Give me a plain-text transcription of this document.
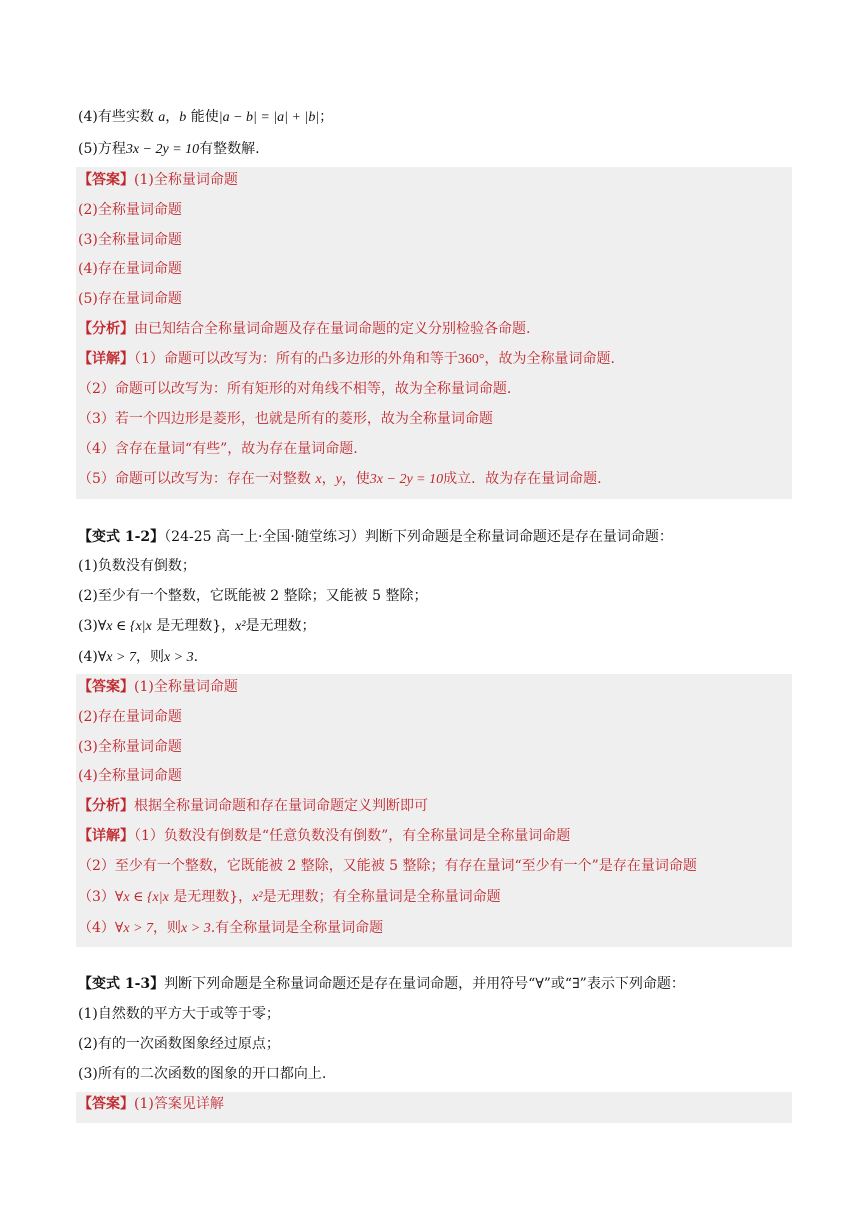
(4)有些实数 a，b 能使|a − b| = |a| + |b|；
(5)方程3x − 2y = 10有整数解.
【答案】(1)全称量词命题
(2)全称量词命题
(3)全称量词命题
(4)存在量词命题
(5)存在量词命题
【分析】由已知结合全称量词命题及存在量词命题的定义分别检验各命题.
【详解】（1）命题可以改写为：所有的凸多边形的外角和等于360°，故为全称量词命题.
（2）命题可以改写为：所有矩形的对角线不相等，故为全称量词命题.
（3）若一个四边形是菱形，也就是所有的菱形，故为全称量词命题
（4）含存在量词“有些”，故为存在量词命题.
（5）命题可以改写为：存在一对整数 x，y，使3x − 2y = 10成立．故为存在量词命题.
【变式 1-2】（24-25 高一上·全国·随堂练习）判断下列命题是全称量词命题还是存在量词命题：
(1)负数没有倒数；
(2)至少有一个整数，它既能被 2 整除；又能被 5 整除；
(3)∀x ∈ {x|x 是无理数}，x²是无理数；
(4)∀x > 7，则x > 3.
【答案】(1)全称量词命题
(2)存在量词命题
(3)全称量词命题
(4)全称量词命题
【分析】根据全称量词命题和存在量词命题定义判断即可
【详解】（1）负数没有倒数是“任意负数没有倒数”，有全称量词是全称量词命题
（2）至少有一个整数，它既能被 2 整除，又能被 5 整除；有存在量词“至少有一个”是存在量词命题
（3）∀x ∈ {x|x 是无理数}，x²是无理数；有全称量词是全称量词命题
（4）∀x > 7，则x > 3.有全称量词是全称量词命题
【变式 1-3】判断下列命题是全称量词命题还是存在量词命题，并用符号“∀”或“∃”表示下列命题：
(1)自然数的平方大于或等于零；
(2)有的一次函数图象经过原点；
(3)所有的二次函数的图象的开口都向上.
【答案】(1)答案见详解
